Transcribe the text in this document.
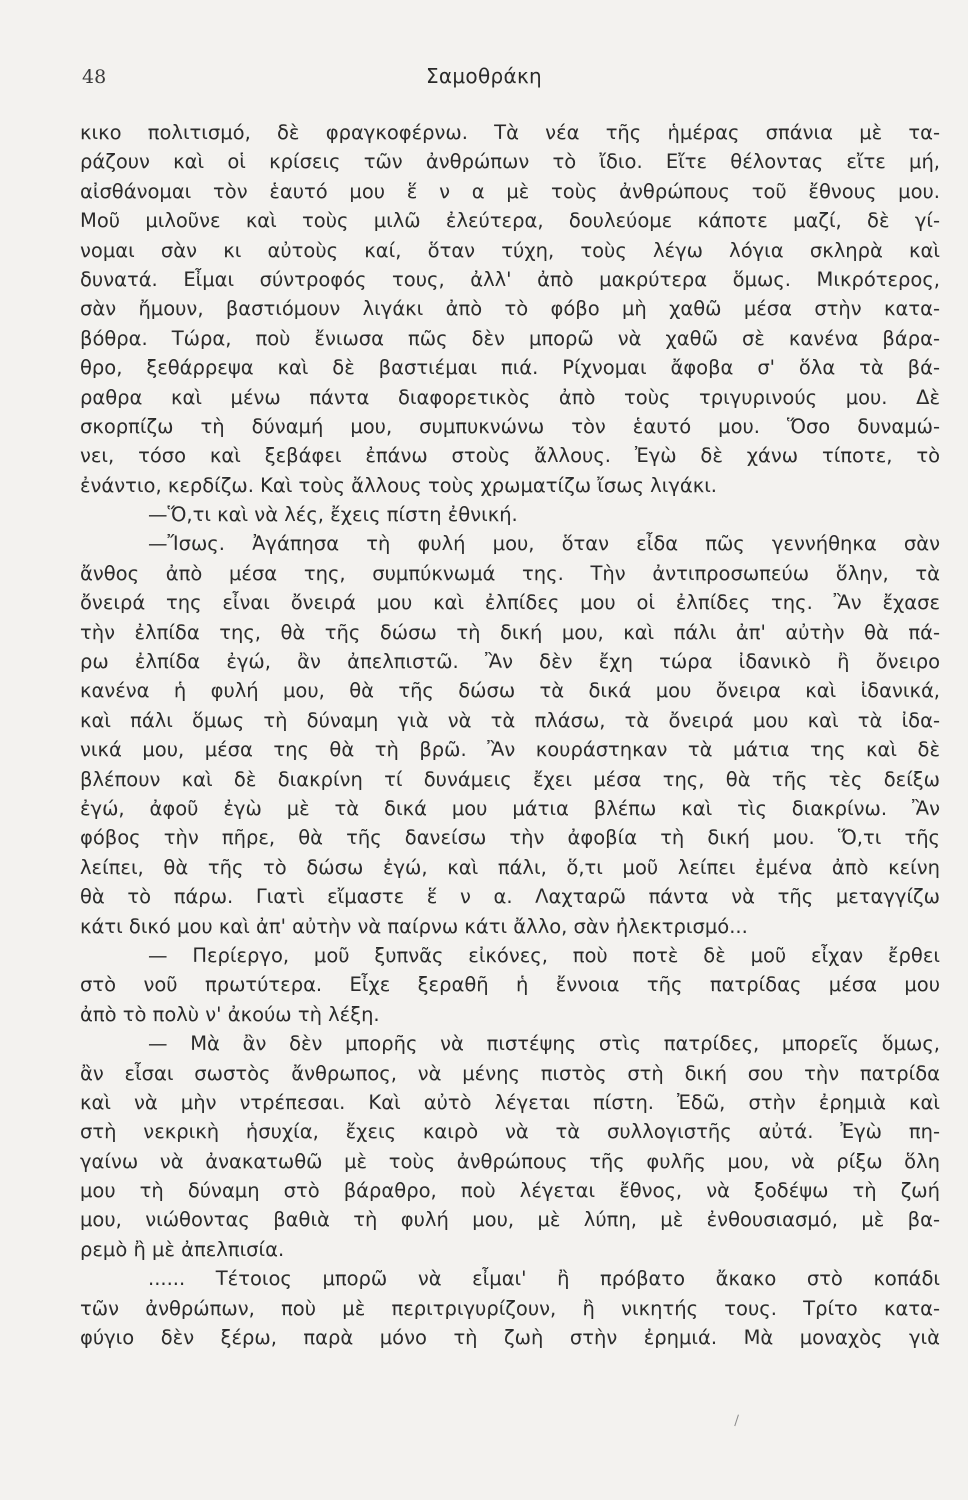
48	Σαμοθράκη
κικο πολιτισμό, δὲ φραγκοφέρνω. Τὰ νέα τῆς ἡμέρας σπάνια μὲ τα-
ράζουν καὶ οἱ κρίσεις τῶν ἀνθρώπων τὸ ἴδιο. Εἴτε θέλοντας εἴτε μή,
αἰσθάνομαι τὸν ἑαυτό μου ἕ ν α μὲ τοὺς ἀνθρώπους τοῦ ἔθνους μου.
Μοῦ μιλοῦνε καὶ τοὺς μιλῶ ἐλεύτερα, δουλεύομε κάποτε μαζί, δὲ γί-
νομαι σὰν κι αὐτοὺς καί, ὅταν τύχη, τοὺς λέγω λόγια σκληρὰ καὶ
δυνατά. Εἶμαι σύντροφός τους, ἀλλ' ἀπὸ μακρύτερα ὅμως. Μικρότερος,
σὰν ἤμουν, βαστιόμουν λιγάκι ἀπὸ τὸ φόβο μὴ χαθῶ μέσα στὴν κατα-
βόθρα. Τώρα, ποὺ ἔνιωσα πῶς δὲν μπορῶ νὰ χαθῶ σὲ κανένα βάρα-
θρο, ξεθάρρεψα καὶ δὲ βαστιέμαι πιά. Ρίχνομαι ἄφοβα σ' ὅλα τὰ βά-
ραθρα καὶ μένω πάντα διαφορετικὸς ἀπὸ τοὺς τριγυρινούς μου. Δὲ
σκορπίζω τὴ δύναμή μου, συμπυκνώνω τὸν ἑαυτό μου. Ὅσο δυναμώ-
νει, τόσο καὶ ξεβάφει ἐπάνω στοὺς ἄλλους. Ἐγὼ δὲ χάνω τίποτε, τὸ
ἐνάντιο, κερδίζω. Καὶ τοὺς ἄλλους τοὺς χρωματίζω ἴσως λιγάκι.
—Ὅ,τι καὶ νὰ λές, ἔχεις πίστη ἐθνική.
—Ἴσως. Ἀγάπησα τὴ φυλή μου, ὅταν εἶδα πῶς γεννήθηκα σὰν
ἄνθος ἀπὸ μέσα της, συμπύκνωμά της. Τὴν ἀντιπροσωπεύω ὅλην, τὰ
ὄνειρά της εἶναι ὄνειρά μου καὶ ἐλπίδες μου οἱ ἐλπίδες της. Ἂν ἔχασε
τὴν ἐλπίδα της, θὰ τῆς δώσω τὴ δική μου, καὶ πάλι ἀπ' αὐτὴν θὰ πά-
ρω ἐλπίδα ἐγώ, ἂν ἀπελπιστῶ. Ἂν δὲν ἔχη τώρα ἰδανικὸ ἢ ὄνειρο
κανένα ἡ φυλή μου, θὰ τῆς δώσω τὰ δικά μου ὄνειρα καὶ ἰδανικά,
καὶ πάλι ὅμως τὴ δύναμη γιὰ νὰ τὰ πλάσω, τὰ ὄνειρά μου καὶ τὰ ἰδα-
νικά μου, μέσα της θὰ τὴ βρῶ. Ἂν κουράστηκαν τὰ μάτια της καὶ δὲ
βλέπουν καὶ δὲ διακρίνη τί δυνάμεις ἔχει μέσα της, θὰ τῆς τὲς δείξω
ἐγώ, ἀφοῦ ἐγὼ μὲ τὰ δικά μου μάτια βλέπω καὶ τὶς διακρίνω. Ἂν
φόβος τὴν πῆρε, θὰ τῆς δανείσω τὴν ἀφοβία τὴ δική μου. Ὅ,τι τῆς
λείπει, θὰ τῆς τὸ δώσω ἐγώ, καὶ πάλι, ὅ,τι μοῦ λείπει ἐμένα ἀπὸ κείνη
θὰ τὸ πάρω. Γιατὶ εἴμαστε ἕ ν α. Λαχταρῶ πάντα νὰ τῆς μεταγγίζω
κάτι δικό μου καὶ ἀπ' αὐτὴν νὰ παίρνω κάτι ἄλλο, σὰν ἠλεκτρισμό...
— Περίεργο, μοῦ ξυπνᾶς εἰκόνες, ποὺ ποτὲ δὲ μοῦ εἶχαν ἔρθει
στὸ νοῦ πρωτύτερα. Εἶχε ξεραθῆ ἡ ἔννοια τῆς πατρίδας μέσα μου
ἀπὸ τὸ πολὺ ν' ἀκούω τὴ λέξη.
— Μὰ ἂν δὲν μπορῆς νὰ πιστέψης στὶς πατρίδες, μπορεῖς ὅμως,
ἂν εἶσαι σωστὸς ἄνθρωπος, νὰ μένης πιστὸς στὴ δική σου τὴν πατρίδα
καὶ νὰ μὴν ντρέπεσαι. Καὶ αὐτὸ λέγεται πίστη. Ἐδῶ, στὴν ἐρημιὰ καὶ
στὴ νεκρικὴ ἡσυχία, ἔχεις καιρὸ νὰ τὰ συλλογιστῆς αὐτά. Ἐγὼ πη-
γαίνω νὰ ἀνακατωθῶ μὲ τοὺς ἀνθρώπους τῆς φυλῆς μου, νὰ ρίξω ὅλη
μου τὴ δύναμη στὸ βάραθρο, ποὺ λέγεται ἔθνος, νὰ ξοδέψω τὴ ζωή
μου, νιώθοντας βαθιὰ τὴ φυλή μου, μὲ λύπη, μὲ ἐνθουσιασμό, μὲ βα-
ρεμὸ ἢ μὲ ἀπελπισία.
...... Τέτοιος μπορῶ νὰ εἶμαι' ἢ πρόβατο ἄκακο στὸ κοπάδι
τῶν ἀνθρώπων, ποὺ μὲ περιτριγυρίζουν, ἢ νικητής τους. Τρίτο κατα-
φύγιο δὲν ξέρω, παρὰ μόνο τὴ ζωὴ στὴν ἐρημιά. Μὰ μοναχὸς γιὰ
